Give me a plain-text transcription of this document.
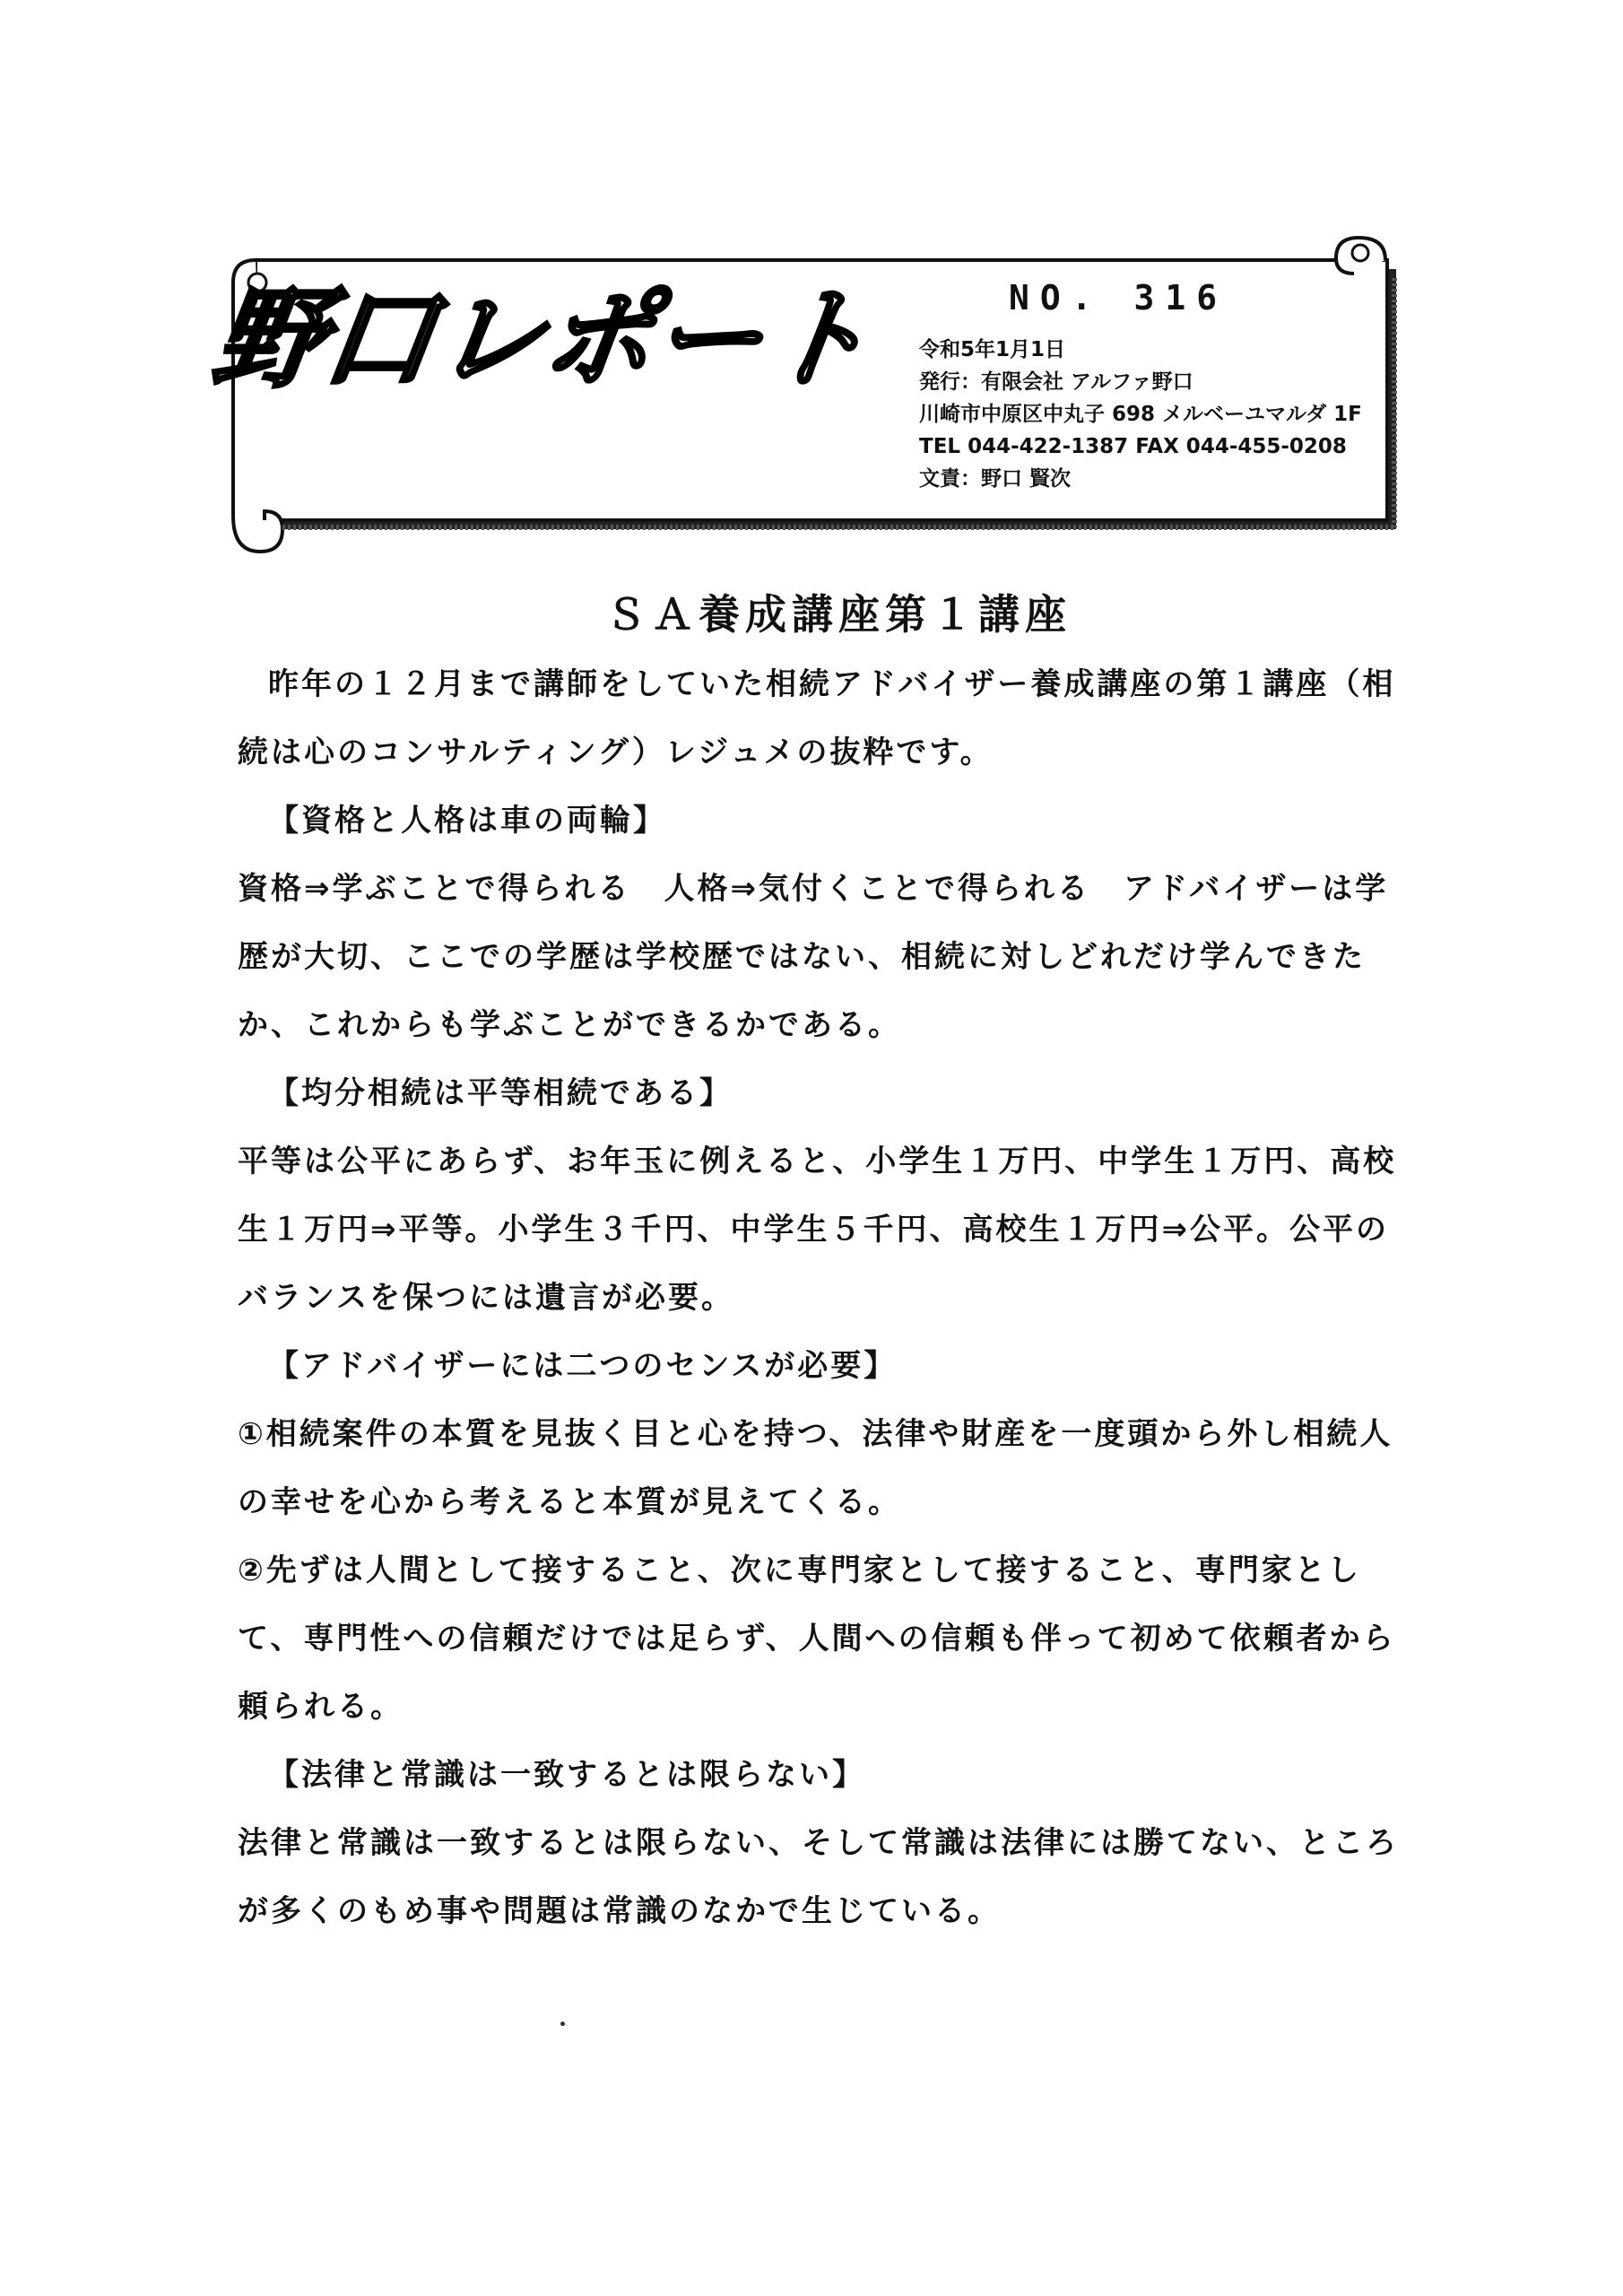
野口レポート	NO. 316
令和5年1月1日
発行：有限会社 アルファ野口
川崎市中原区中丸子 698 メルベーユマルダ 1F
TEL 044-422-1387 FAX 044-455-0208
文責：野口 賢次
ＳＡ養成講座第１講座

昨年の１２月まで講師をしていた相続アドバイザー養成講座の第１講座（相続は心のコンサルティング）レジュメの抜粋です。

【資格と人格は車の両輪】

資格⇒学ぶことで得られる　人格⇒気付くことで得られる　アドバイザーは学歴が大切、ここでの学歴は学校歴ではない、相続に対しどれだけ学んできたか、これからも学ぶことができるかである。

【均分相続は平等相続である】

平等は公平にあらず、お年玉に例えると、小学生１万円、中学生１万円、高校生１万円⇒平等。小学生３千円、中学生５千円、高校生１万円⇒公平。公平のバランスを保つには遺言が必要。

【アドバイザーには二つのセンスが必要】

①相続案件の本質を見抜く目と心を持つ、法律や財産を一度頭から外し相続人の幸せを心から考えると本質が見えてくる。

②先ずは人間として接すること、次に専門家として接すること、専門家として、専門性への信頼だけでは足らず、人間への信頼も伴って初めて依頼者から頼られる。

【法律と常識は一致するとは限らない】

法律と常識は一致するとは限らない、そして常識は法律には勝てない、ところが多くのもめ事や問題は常識のなかで生じている。
